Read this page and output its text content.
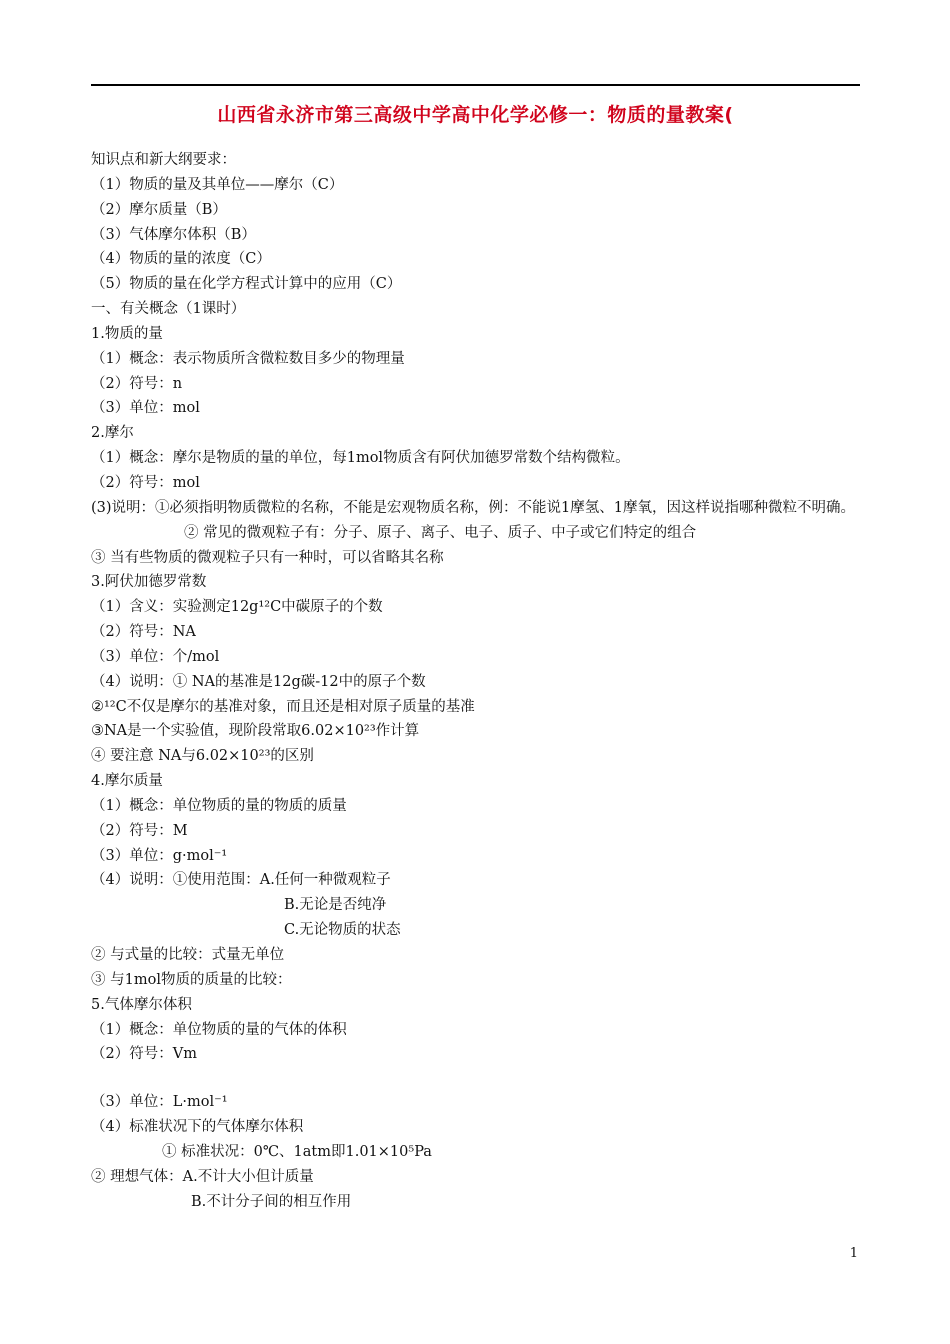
山西省永济市第三高级中学高中化学必修一：物质的量教案(
知识点和新大纲要求：
（1）物质的量及其单位——摩尔（C）
（2）摩尔质量（B）
（3）气体摩尔体积（B）
（4）物质的量的浓度（C）
（5）物质的量在化学方程式计算中的应用（C）
一、有关概念（1课时）
1.物质的量
（1）概念：表示物质所含微粒数目多少的物理量
（2）符号：n
（3）单位：mol
2.摩尔
（1）概念：摩尔是物质的量的单位，每1mol物质含有阿伏加德罗常数个结构微粒。
（2）符号：mol
(3)说明：①必须指明物质微粒的名称，不能是宏观物质名称，例：不能说1摩氢、1摩氧，因这样说指哪种微粒不明确。
② 常见的微观粒子有：分子、原子、离子、电子、质子、中子或它们特定的组合
③ 当有些物质的微观粒子只有一种时，可以省略其名称
3.阿伏加德罗常数
（1）含义：实验测定12g¹²C中碳原子的个数
（2）符号：NA
（3）单位：个/mol
（4）说明：① NA的基准是12g碳-12中的原子个数
②¹²C不仅是摩尔的基准对象，而且还是相对原子质量的基准
③NA是一个实验值，现阶段常取6.02×10²³作计算
④ 要注意 NA与6.02×10²³的区别
4.摩尔质量
（1）概念：单位物质的量的物质的质量
（2）符号：M
（3）单位：g·mol⁻¹
（4）说明：①使用范围：A.任何一种微观粒子
B.无论是否纯净
C.无论物质的状态
② 与式量的比较：式量无单位
③ 与1mol物质的质量的比较：
5.气体摩尔体积
（1）概念：单位物质的量的气体的体积
（2）符号：Vm
（3）单位：L·mol⁻¹
（4）标准状况下的气体摩尔体积
① 标准状况：0℃、1atm即1.01×10⁵Pa
② 理想气体：A.不计大小但计质量
B.不计分子间的相互作用
1
